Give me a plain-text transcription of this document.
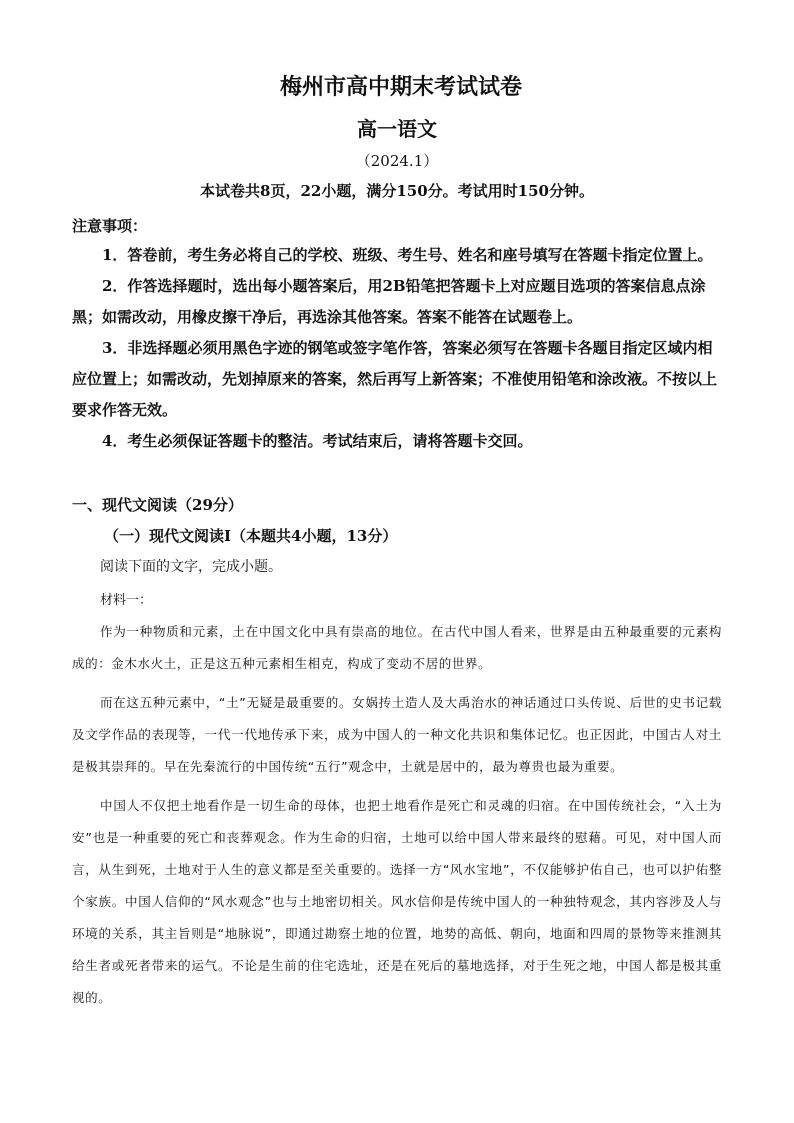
梅州市高中期末考试试卷
高一语文
（2024.1）
本试卷共8页，22小题，满分150分。考试用时150分钟。
注意事项：

1．答卷前，考生务必将自己的学校、班级、考生号、姓名和座号填写在答题卡指定位置上。

2．作答选择题时，选出每小题答案后，用2B铅笔把答题卡上对应题目选项的答案信息点涂黑；如需改动，用橡皮擦干净后，再选涂其他答案。答案不能答在试题卷上。

3．非选择题必须用黑色字迹的钢笔或签字笔作答，答案必须写在答题卡各题目指定区域内相应位置上；如需改动，先划掉原来的答案，然后再写上新答案；不准使用铅笔和涂改液。不按以上要求作答无效。

4．考生必须保证答题卡的整洁。考试结束后，请将答题卡交回。

一、现代文阅读（29分）
（一）现代文阅读Ⅰ（本题共4小题，13分）
阅读下面的文字，完成小题。
材料一：

作为一种物质和元素，土在中国文化中具有崇高的地位。在古代中国人看来，世界是由五种最重要的元素构成的：金木水火土，正是这五种元素相生相克，构成了变动不居的世界。

而在这五种元素中，“土”无疑是最重要的。女娲抟土造人及大禹治水的神话通过口头传说、后世的史书记载及文学作品的表现等，一代一代地传承下来，成为中国人的一种文化共识和集体记忆。也正因此，中国古人对土是极其崇拜的。早在先秦流行的中国传统“五行”观念中，土就是居中的，最为尊贵也最为重要。

中国人不仅把土地看作是一切生命的母体，也把土地看作是死亡和灵魂的归宿。在中国传统社会，“入土为安”也是一种重要的死亡和丧葬观念。作为生命的归宿，土地可以给中国人带来最终的慰藉。可见，对中国人而言，从生到死，土地对于人生的意义都是至关重要的。选择一方“风水宝地”，不仅能够护佑自己，也可以护佑整个家族。中国人信仰的“风水观念”也与土地密切相关。风水信仰是传统中国人的一种独特观念，其内容涉及人与环境的关系，其主旨则是“地脉说”，即通过勘察土地的位置，地势的高低、朝向，地面和四周的景物等来推测其给生者或死者带来的运气。不论是生前的住宅选址，还是在死后的墓地选择，对于生死之地，中国人都是极其重视的。
